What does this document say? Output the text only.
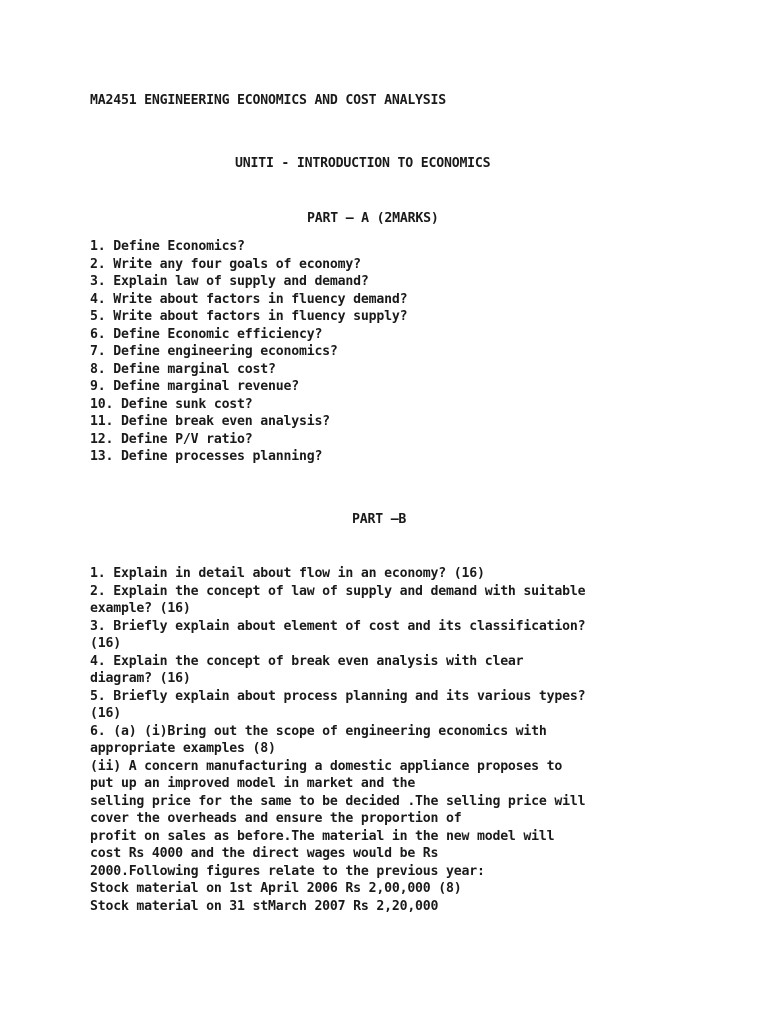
MA2451 ENGINEERING ECONOMICS AND COST ANALYSIS
UNITI - INTRODUCTION TO ECONOMICS
PART – A (2MARKS)
1. Define Economics?
2. Write any four goals of economy?
3. Explain law of supply and demand?
4. Write about factors in fluency demand?
5. Write about factors in fluency supply?
6. Define Economic efficiency?
7. Define engineering economics?
8. Define marginal cost?
9. Define marginal revenue?
10. Define sunk cost?
11. Define break even analysis?
12. Define P/V ratio?
13. Define processes planning?
PART –B
1. Explain in detail about flow in an economy? (16)
2. Explain the concept of law of supply and demand with suitable
example? (16)
3. Briefly explain about element of cost and its classification?
(16)
4. Explain the concept of break even analysis with clear
diagram? (16)
5. Briefly explain about process planning and its various types?
(16)
6. (a) (i)Bring out the scope of engineering economics with
appropriate examples (8)
(ii) A concern manufacturing a domestic appliance proposes to
put up an improved model in market and the
selling price for the same to be decided .The selling price will
cover the overheads and ensure the proportion of
profit on sales as before.The material in the new model will
cost Rs 4000 and the direct wages would be Rs
2000.Following figures relate to the previous year:
Stock material on 1st April 2006 Rs 2,00,000 (8)
Stock material on 31 stMarch 2007 Rs 2,20,000
